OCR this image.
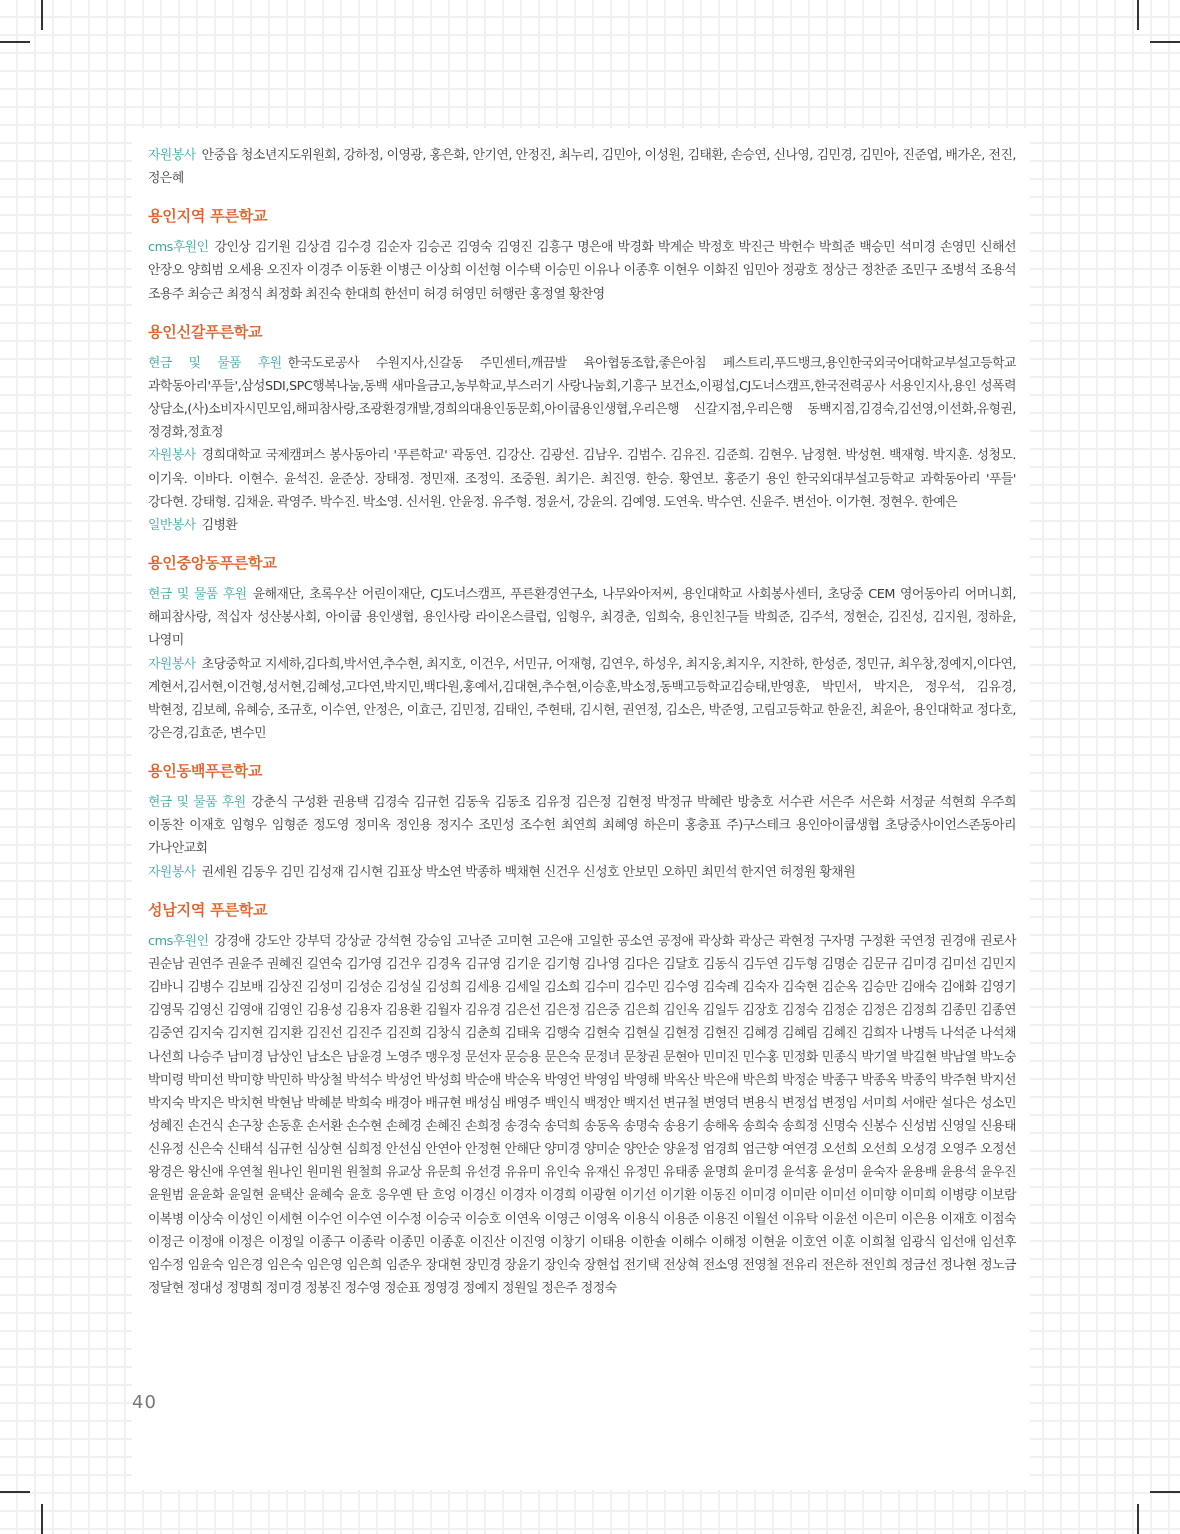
자원봉사 안중읍 청소년지도위원회, 강하정, 이영광, 홍은화, 안기연, 안정진, 최누리, 김민아, 이성원, 김태환, 손승연, 신나영, 김민경, 김민아, 진준엽, 배가온, 전진, 정은혜

용인지역 푸른학교

cms후원인 강인상 김기원 김상겸 김수경 김순자 김승곤 김영숙 김영진 김흥구 명은애 박경화 박계순 박정호 박진근 박헌수 박희준 백승민 석미경 손영민 신해선 안장오 양희범 오세용 오진자 이경주 이동환 이병근 이상희 이선형 이수택 이승민 이유나 이종후 이현우 이화진 임민아 정광호 정상근 정찬준 조민구 조병석 조용석 조용주 최승근 최정식 최정화 최진숙 한대희 한선미 허경 허영민 허행란 홍정열 황찬영

용인신갈푸른학교

현금 및 물품 후원 한국도로공사 수원지사,신갈동 주민센터,깨끔발 육아협동조합,좋은아침 페스트리,푸드뱅크,용인한국외국어대학교부설고등학교 과학동아리'푸들',삼성SDI,SPC행복나눔,동백 새마을금고,농부학교,부스러기 사랑나눔회,기흥구 보건소,이평섭,CJ도너스캠프,한국전력공사 서용인지사,용인 성폭력 상담소,(사)소비자시민모임,해피참사랑,조광환경개발,경희의대용인동문회,아이쿱용인생협,우리은행 신갈지점,우리은행 동백지점,김경숙,김선영,이선화,유형권,정경화,정효정

자원봉사 경희대학교 국제캠퍼스 봉사동아리 '푸른학교' 곽동연. 김강산. 김광선. 김남우. 김범수. 김유진. 김준희. 김현우. 남정현. 박성현. 백재형. 박지훈. 성청모. 이기욱. 이바다. 이현수. 윤석진. 윤준상. 장태정. 정민재. 조정익. 조중원. 최기은. 최진영. 한승. 황연보. 홍준기 용인 한국외대부설고등학교 과학동아리 '푸들' 강다현. 강태형. 김채윤. 곽영주. 박수진. 박소영. 신서원. 안윤정. 유주형. 정윤서, 강윤의. 김예영. 도연욱. 박수연. 신윤주. 변선아. 이가현. 정현우. 한예은

일반봉사 김병환

용인중앙동푸른학교

현금 및 물품 후원 윤해재단, 초록우산 어린이재단, CJ도너스캠프, 푸른환경연구소, 나무와아저씨, 용인대학교 사회봉사센터, 초당중 CEM 영어동아리 어머니회, 해피참사랑, 적십자 성산봉사회, 아이쿱 용인생협, 용인사랑 라이온스클럽, 임형우, 최경춘, 임희숙, 용인친구들 박희준, 김주석, 정현순, 김진성, 김지원, 정하윤, 나영미

자원봉사 초당중학교 지세하,김다희,박서연,추수현, 최지호, 이건우, 서민규, 어재형, 김연우, 하성우, 최지웅,최지우, 지찬하, 한성준, 정민규, 최우창,정예지,이다연,계현서,김서현,이건형,성서현,김혜성,고다연,박지민,백다원,홍예서,김대현,추수현,이승훈,박소정,동백고등학교김승태,반영훈, 박민서, 박지은, 정우석, 김유경, 박현정, 김보혜, 유혜승, 조규호, 이수연, 안정은, 이효근, 김민정, 김태인, 주현태, 김시현, 권연정, 김소은, 박준영, 고림고등학교 한윤진, 최윤아, 용인대학교 정다호, 강은경,김효준, 변수민

용인동백푸른학교

현금 및 물품 후원 강춘식 구성환 권용택 김경숙 김규헌 김동욱 김동조 김유정 김은정 김현정 박정규 박혜란 방충호 서수관 서은주 서은화 서정균 석현희 우주희 이동찬 이재호 임형우 임형준 정도영 정미옥 정인용 정지수 조민성 조수헌 최연희 최혜영 하은미 홍충표 주)구스테크 용인아이쿱생협 초당중사이언스존동아리 가나안교회

자원봉사 권세원 김동우 김민 김성재 김시현 김표상 박소연 박종하 백채현 신건우 신성호 안보민 오하민 최민석 한지연 허정원 황채원

성남지역 푸른학교

cms후원인 강경애 강도안 강부덕 강상균 강석현 강승임 고낙준 고미현 고은애 고일한 공소연 공정애 곽상화 곽상근 곽현정 구자명 구정환 국연정 권경애 권로사 권순남 권연주 권윤주 권혜진 길연숙 김가영 김건우 김경옥 김규영 김기운 김기형 김나영 김다은 김달호 김동식 김두연 김두형 김명순 김문규 김미경 김미선 김민지 김바니 김병수 김보배 김상진 김성미 김성순 김성실 김성희 김세용 김세일 김소희 김수미 김수민 김수영 김숙례 김숙자 김숙현 김순옥 김승만 김애숙 김애화 김영기 김영묵 김영신 김영애 김영인 김용성 김용자 김용환 김월자 김유경 김은선 김은정 김은중 김은희 김인옥 김일두 김장호 김정숙 김정순 김정은 김정희 김종민 김종연 김중연 김지숙 김지현 김지환 김진선 김진주 김진희 김창식 김춘희 김태욱 김행숙 김현숙 김현실 김현정 김현진 김혜경 김혜림 김혜진 김희자 나병득 나석준 나석채 나선희 나승주 남미경 남상인 남소은 남윤경 노영주 맹우정 문선자 문승용 문은숙 문정녀 문창권 문현아 민미진 민수홍 민정화 민종식 박기열 박길현 박남열 박노숭 박미령 박미선 박미향 박민하 박상철 박석수 박성언 박성희 박순애 박순옥 박영언 박영임 박영해 박옥산 박은애 박은희 박정순 박종구 박종옥 박종익 박주현 박지선 박지숙 박지은 박치현 박현남 박혜분 박희숙 배경아 배규현 배성심 배영주 백인식 백정안 백지선 변규철 변영덕 변용식 변정섭 변정임 서미희 서애란 설다은 성소민 성혜진 손건식 손구창 손동훈 손서환 손수현 손혜경 손혜진 손희정 송경숙 송덕희 송동옥 송명숙 송용기 송해옥 송희숙 송희정 신명숙 신봉수 신성범 신영일 신용태 신유정 신은숙 신태석 심규헌 심상현 심희정 안선심 안연아 안정현 안해단 양미경 양미순 양안순 양윤정 엄경희 엄근향 여연경 오선희 오선희 오성경 오영주 오정선 왕경은 왕신애 우연철 원나인 원미원 원철희 유교상 유문희 유선경 유유미 유인숙 유재신 유정민 유태종 윤명희 윤미경 윤석홍 윤성미 윤숙자 윤용배 윤용석 윤우진 윤원범 윤윤화 윤일현 윤택산 윤혜숙 윤호 응우옌 탄 흐엉 이경신 이경자 이경희 이광현 이기선 이기환 이동진 이미경 이미란 이미선 이미향 이미희 이병량 이보람 이복병 이상숙 이성인 이세현 이수언 이수연 이수정 이승국 이승호 이연옥 이영근 이영옥 이용식 이용준 이용진 이월선 이유탁 이윤선 이은미 이은용 이재호 이점숙 이정근 이정애 이정은 이정일 이종구 이종락 이종민 이종훈 이진산 이진영 이창기 이태용 이한솔 이해수 이해정 이현윤 이호연 이훈 이희철 임광식 임선애 임선후 임수정 임윤숙 임은경 임은숙 임은영 임은희 임준우 장대현 장민경 장윤기 장인숙 장현섭 전기택 전상혁 전소영 전영철 전유리 전은하 전인희 정금선 정나현 정노금 정달현 정대성 정명희 정미경 정봉진 정수영 정순표 정영경 정예지 정원일 정은주 정정숙

40
